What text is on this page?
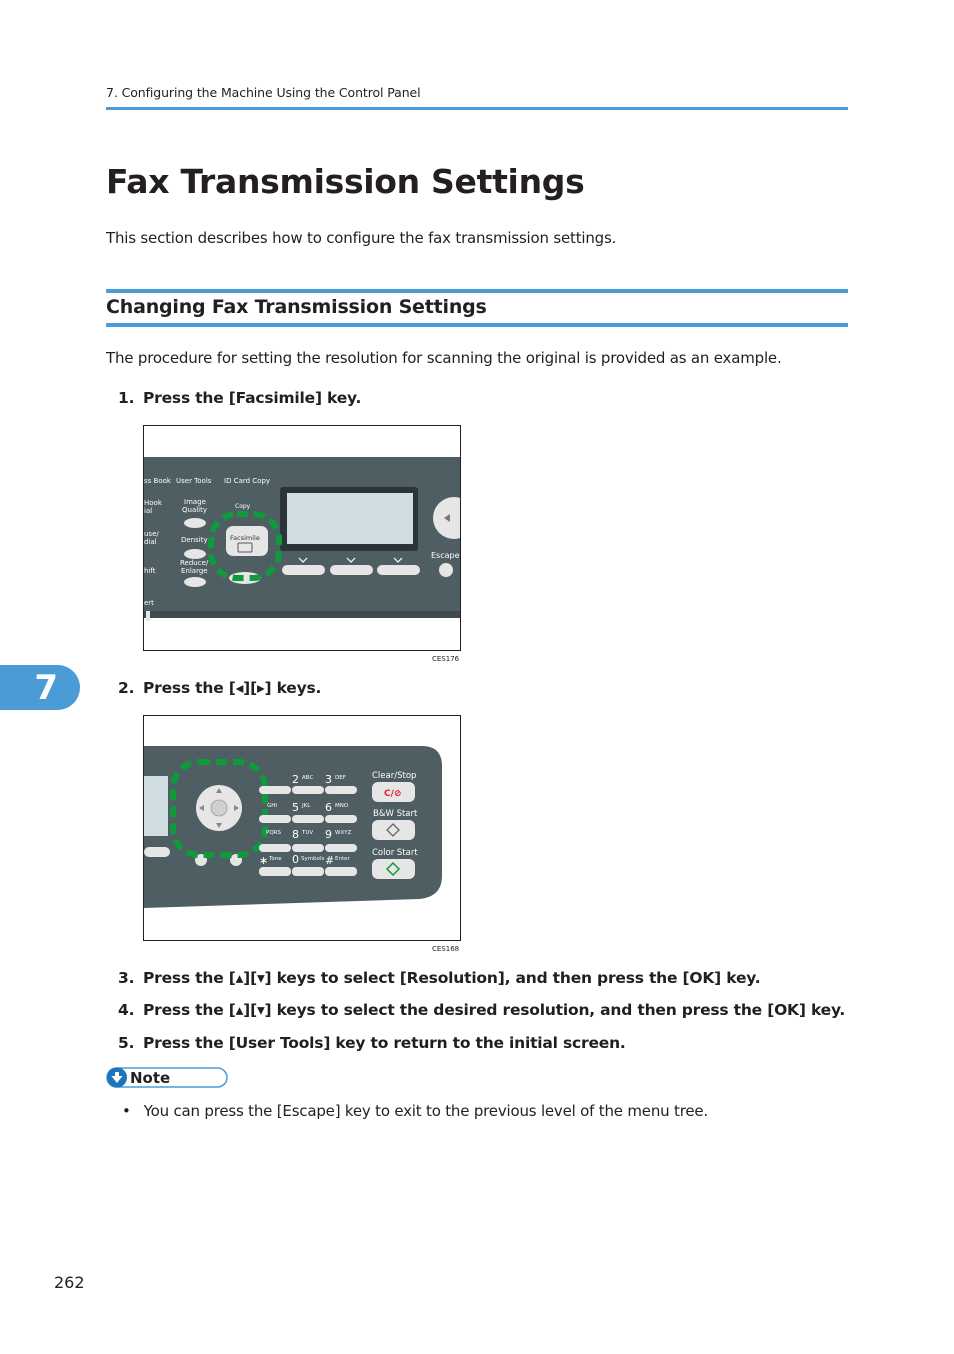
7. Configuring the Machine Using the Control Panel
Fax Transmission Settings
This section describes how to configure the fax transmission settings.
Changing Fax Transmission Settings
The procedure for setting the resolution for scanning the original is provided as an example.
1. Press the [Facsimile] key.
ss Book User Tools ID Card Copy
Hook
ial
Image
Quality	Copy
use/
dial	Density
hift
Reduce/
Enlarge
ert
Escape
Facsimile
CES176
7	2. Press the [◂][▸] keys.
2 ABC 3 DEF
GHI 5 JKL 6 MNO
PQRS 8 TUV 9 WXYZ
∗ Tone 0 Symbols # Enter
Clear/Stop
B&W Start
Color Start
C/⊘
CES168
3. Press the [▴][▾] keys to select [Resolution], and then press the [OK] key.
4. Press the [▴][▾] keys to select the desired resolution, and then press the [OK] key.
5. Press the [User Tools] key to return to the initial screen.
Note
• You can press the [Escape] key to exit to the previous level of the menu tree.
262
